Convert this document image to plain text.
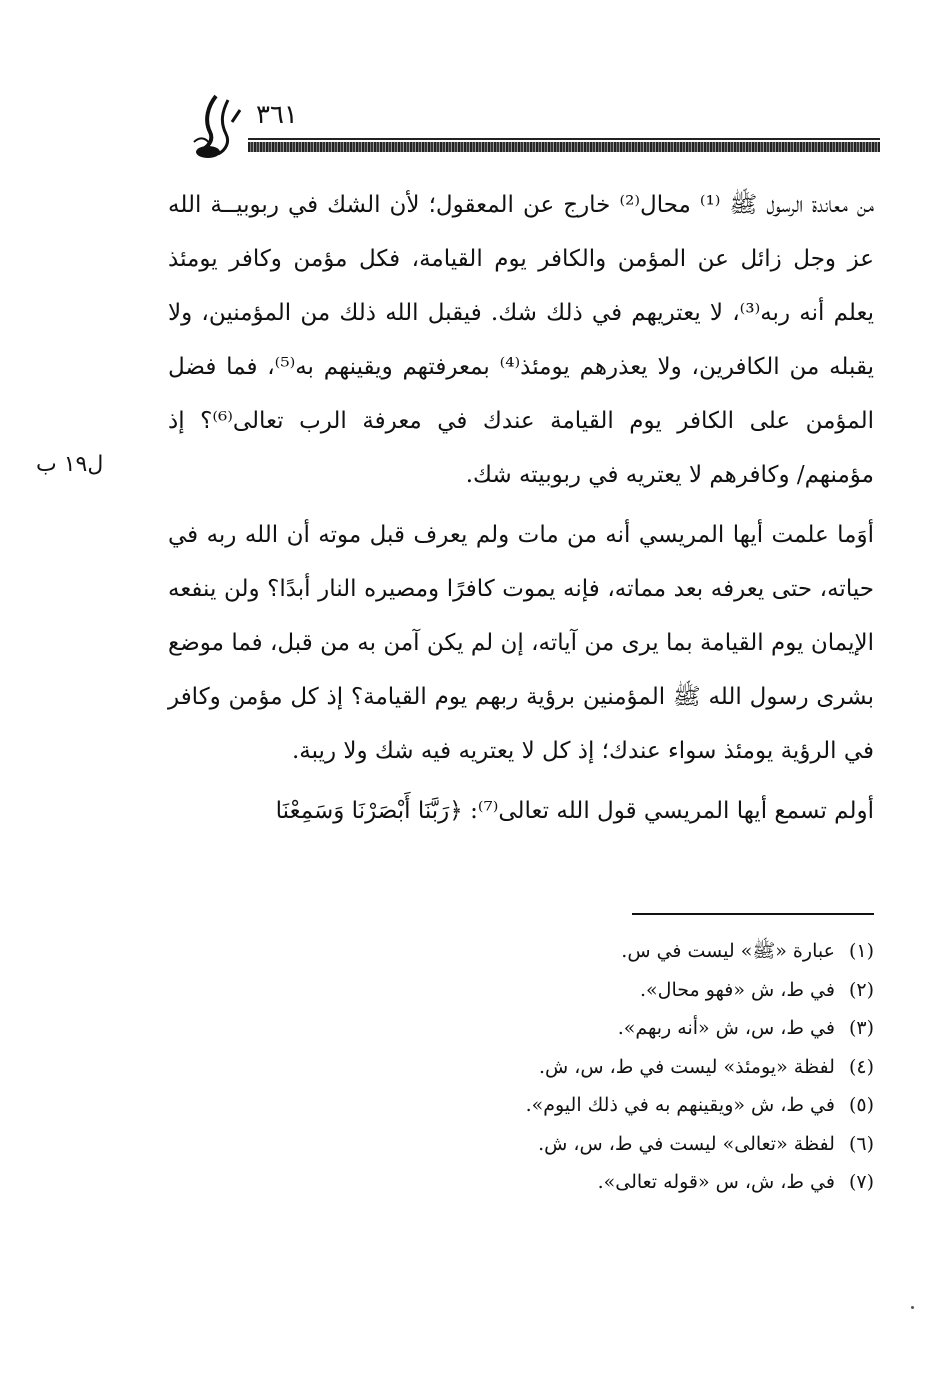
٣٦١

من معاندة الرسول ﷺ ⁽¹⁾ محال⁽²⁾ خارج عن المعقول؛ لأن الشك في ربوبيــة الله عز وجل زائل عن المؤمن والكافر يوم القيامة، فكل مؤمن وكافر يومئذ يعلم أنه ربه⁽³⁾، لا يعتريهم في ذلك شك. فيقبل الله ذلك من المؤمنين، ولا يقبله من الكافرين، ولا يعذرهم يومئذ⁽⁴⁾ بمعرفتهم ويقينهم به⁽⁵⁾، فما فضل المؤمن على الكافر يوم القيامة عندك في معرفة الرب تعالى⁽⁶⁾؟ إذ مؤمنهم/ وكافرهم لا يعتريه في ربوبيته شك.

أوَما علمت أيها المريسي أنه من مات ولم يعرف قبل موته أن الله ربه في حياته، حتى يعرفه بعد مماته، فإنه يموت كافرًا ومصيره النار أبدًا؟ ولن ينفعه الإيمان يوم القيامة بما يرى من آياته، إن لم يكن آمن به من قبل، فما موضع بشرى رسول الله ﷺ المؤمنين برؤية ربهم يوم القيامة؟ إذ كل مؤمن وكافر في الرؤية يومئذ سواء عندك؛ إذ كل لا يعتريه فيه شك ولا ريبة.

أولم تسمع أيها المريسي قول الله تعالى⁽⁷⁾: ﴿رَبَّنَا أَبْصَرْنَا وَسَمِعْنَا

ل١٩ ب
(١)عبارة «ﷺ» ليست في س.
(٢)في ط، ش «فهو محال».
(٣)في ط، س، ش «أنه ربهم».
(٤)لفظة «يومئذ» ليست في ط، س، ش.
(٥)في ط، ش «ويقينهم به في ذلك اليوم».
(٦)لفظة «تعالى» ليست في ط، س، ش.
(٧)في ط، ش، س «قوله تعالى».
